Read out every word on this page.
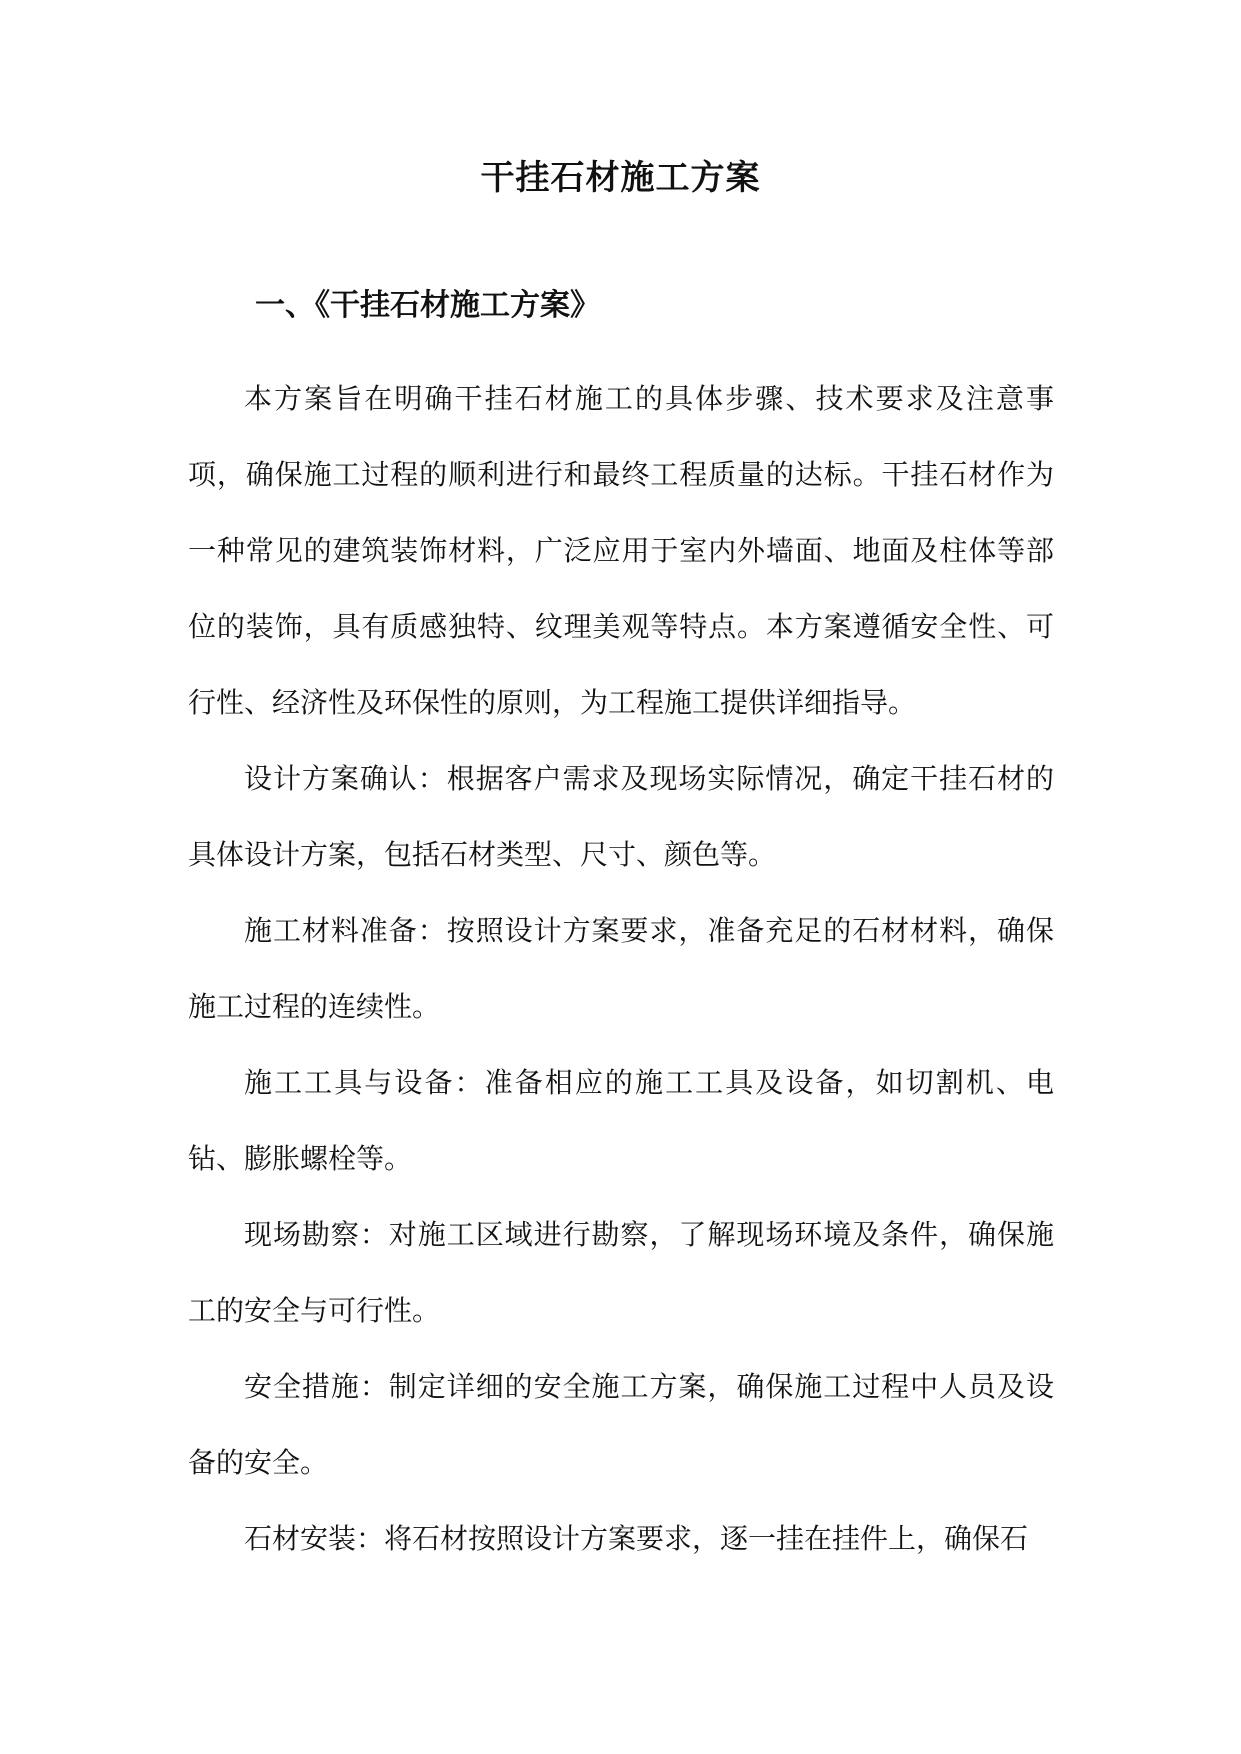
干挂石材施工方案
一、《干挂石材施工方案》

本方案旨在明确干挂石材施工的具体步骤、技术要求及注意事项，确保施工过程的顺利进行和最终工程质量的达标。干挂石材作为一种常见的建筑装饰材料，广泛应用于室内外墙面、地面及柱体等部位的装饰，具有质感独特、纹理美观等特点。本方案遵循安全性、可行性、经济性及环保性的原则，为工程施工提供详细指导。

设计方案确认：根据客户需求及现场实际情况，确定干挂石材的具体设计方案，包括石材类型、尺寸、颜色等。

施工材料准备：按照设计方案要求，准备充足的石材材料，确保施工过程的连续性。

施工工具与设备：准备相应的施工工具及设备，如切割机、电钻、膨胀螺栓等。

现场勘察：对施工区域进行勘察，了解现场环境及条件，确保施工的安全与可行性。

安全措施：制定详细的安全施工方案，确保施工过程中人员及设备的安全。

石材安装：将石材按照设计方案要求，逐一挂在挂件上，确保石
